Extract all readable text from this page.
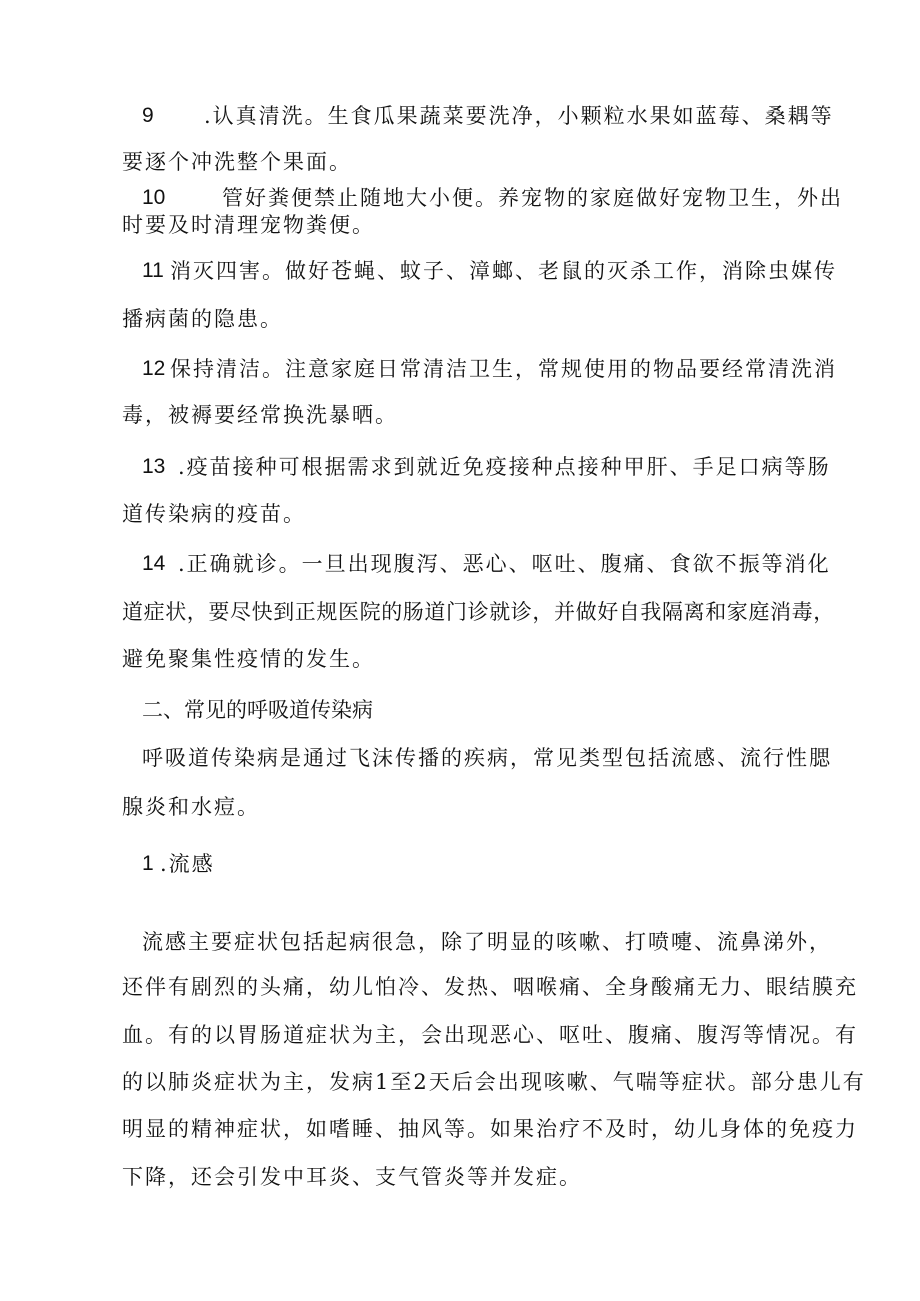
9 .认真清洗。生食瓜果蔬菜要洗净，小颗粒水果如蓝莓、桑耦等
要逐个冲洗整个果面。
10	管好粪便禁止随地大小便。养宠物的家庭做好宠物卫生，外出
时要及时清理宠物粪便。
11 消灭四害。做好苍蝇、蚊子、漳螂、老鼠的灭杀工作，消除虫媒传
播病菌的隐患。
12 保持清洁。注意家庭日常清洁卫生，常规使用的物品要经常清洗消
毒，被褥要经常换洗暴晒。
13 .疫苗接种可根据需求到就近免疫接种点接种甲肝、手足口病等肠
道传染病的疫苗。
14 .正确就诊。一旦出现腹泻、恶心、呕吐、腹痛、食欲不振等消化
道症状，要尽快到正规医院的肠道门诊就诊，并做好自我隔离和家庭消毒，
避免聚集性疫情的发生。
二、常见的呼吸道传染病
呼吸道传染病是通过飞沫传播的疾病，常见类型包括流感、流行性腮
腺炎和水痘。
1 .流感
流感主要症状包括起病很急，除了明显的咳嗽、打喷嚏、流鼻涕外，
还伴有剧烈的头痛，幼儿怕冷、发热、咽喉痛、全身酸痛无力、眼结膜充
血。有的以胃肠道症状为主，会出现恶心、呕吐、腹痛、腹泻等情况。有
的以肺炎症状为主，发病1至2天后会出现咳嗽、气喘等症状。部分患儿有
明显的精神症状，如嗜睡、抽风等。如果治疗不及时，幼儿身体的免疫力
下降，还会引发中耳炎、支气管炎等并发症。
